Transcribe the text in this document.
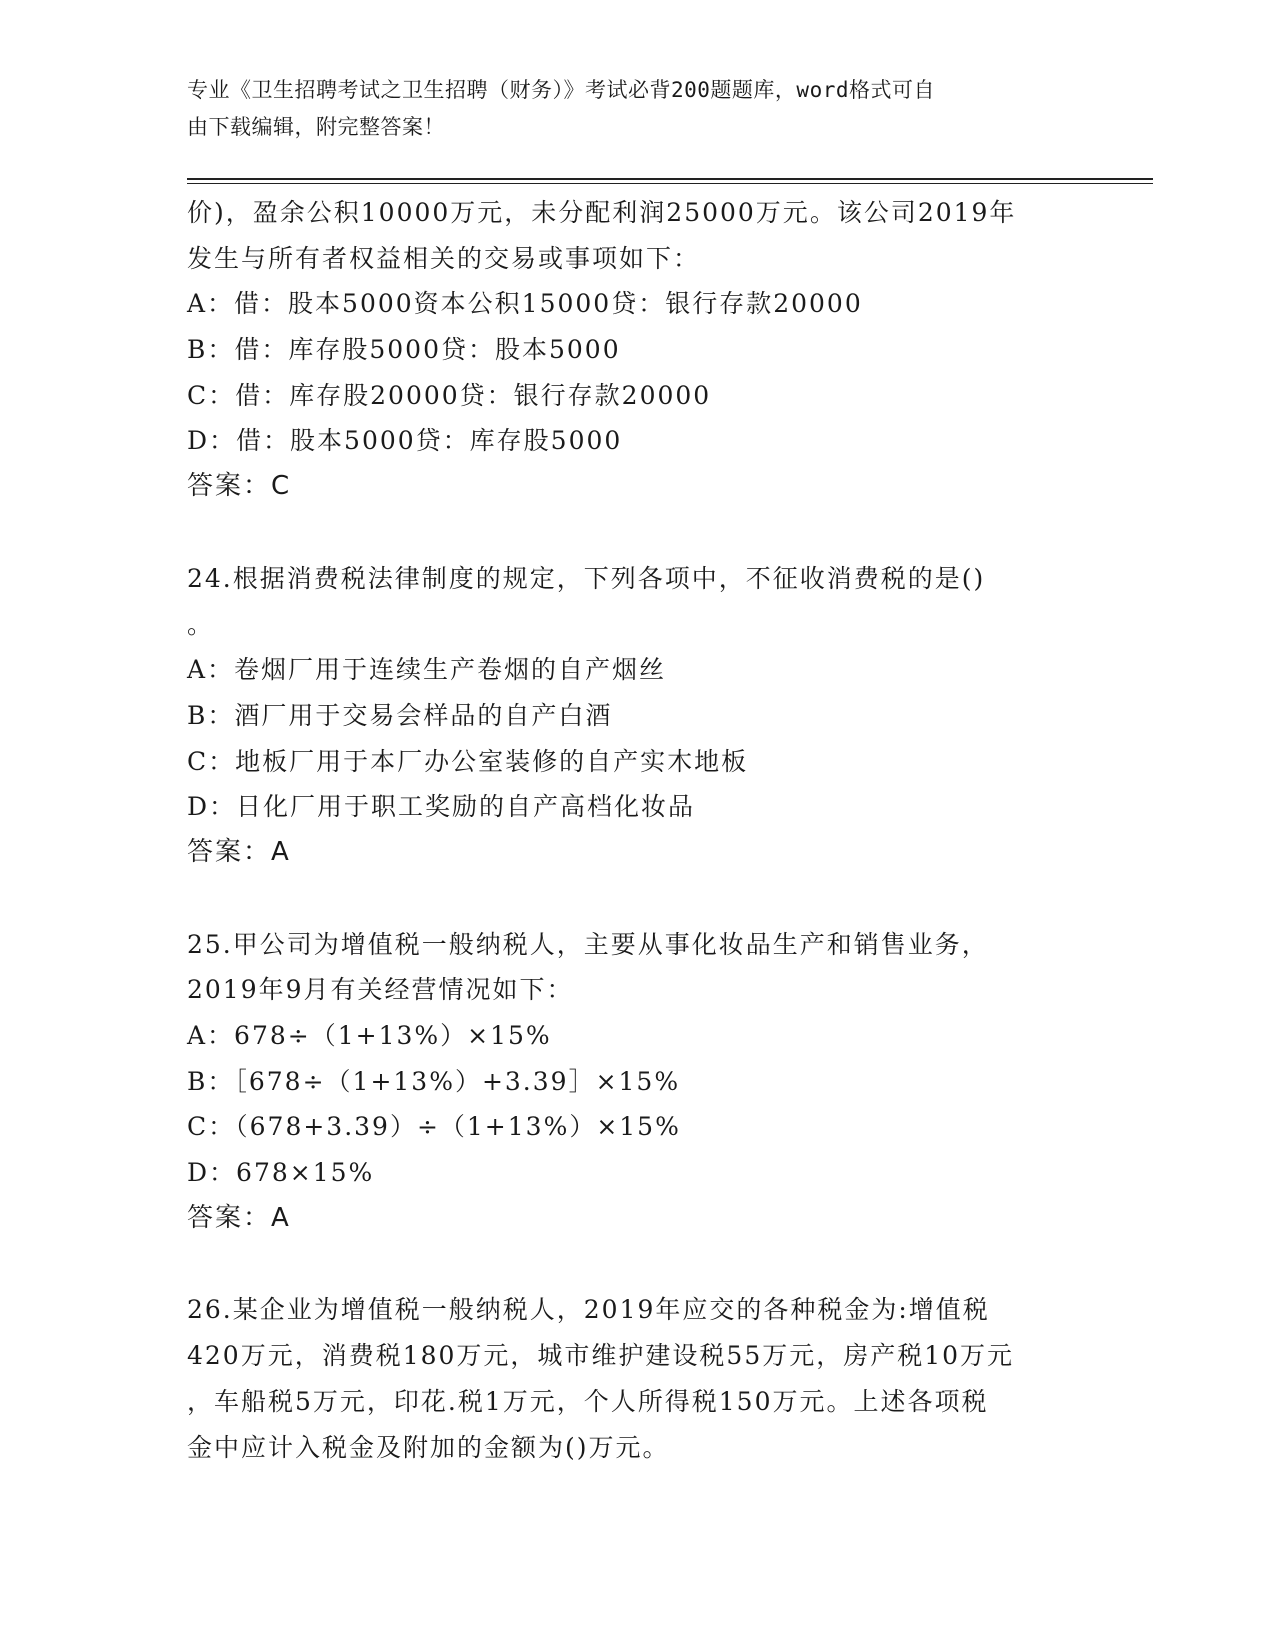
专业《卫生招聘考试之卫生招聘（财务）》考试必背200题题库，word格式可自
由下载编辑，附完整答案！
价)，盈余公积10000万元，未分配利润25000万元。该公司2019年
发生与所有者权益相关的交易或事项如下：
A：借：股本5000资本公积15000贷：银行存款20000
B：借：库存股5000贷：股本5000
C：借：库存股20000贷：银行存款20000
D：借：股本5000贷：库存股5000
答案：C
24.根据消费税法律制度的规定，下列各项中，不征收消费税的是()
。
A：卷烟厂用于连续生产卷烟的自产烟丝
B：酒厂用于交易会样品的自产白酒
C：地板厂用于本厂办公室装修的自产实木地板
D：日化厂用于职工奖励的自产高档化妆品
答案：A
25.甲公司为增值税一般纳税人，主要从事化妆品生产和销售业务，
2019年9月有关经营情况如下：
A：678÷（1+13%）×15%
B：［678÷（1+13%）+3.39］×15%
C：（678+3.39）÷（1+13%）×15%
D：678×15%
答案：A
26.某企业为增值税一般纳税人，2019年应交的各种税金为:增值税
420万元，消费税180万元，城市维护建设税55万元，房产税10万元
，车船税5万元，印花.税1万元，个人所得税150万元。上述各项税
金中应计入税金及附加的金额为()万元。
